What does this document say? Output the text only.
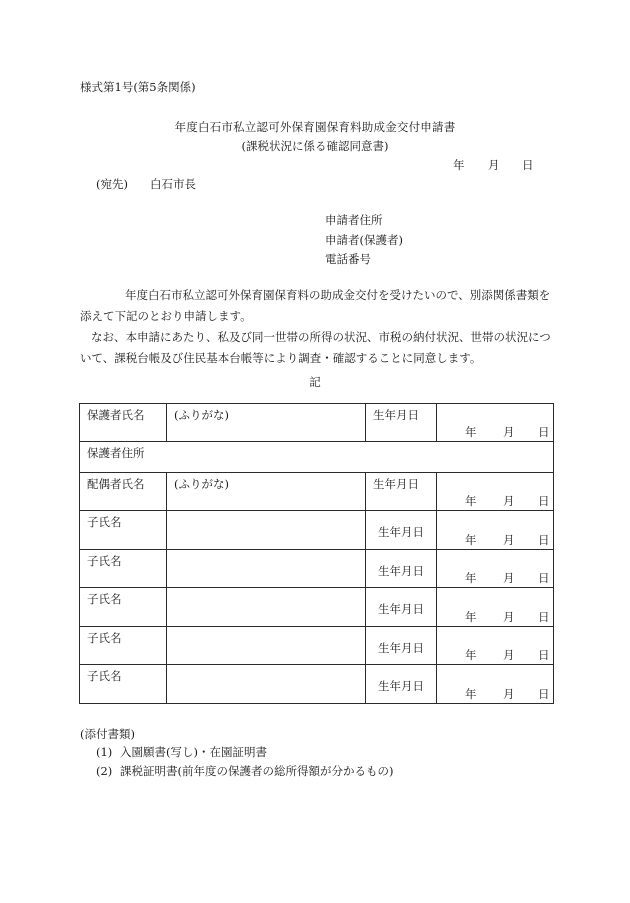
様式第1号(第5条関係)
年度白石市私立認可外保育園保育料助成金交付申請書
(課税状況に係る確認同意書)
年 月 日
(宛先) 白石市長
申請者住所
申請者(保護者)
電話番号
年度白石市私立認可外保育園保育料の助成金交付を受けたいので、別添関係書類を添えて下記のとおり申請します。
なお、本申請にあたり、私及び同一世帯の所得の状況、市税の納付状況、世帯の状況について、課税台帳及び住民基本台帳等により調査・確認することに同意します。
記
保護者氏名	(ふりがな)	生年月日	年 月 日

保護者住所			

配偶者氏名	(ふりがな)	生年月日	年 月 日

子氏名		生年月日	年 月 日

子氏名		生年月日	年 月 日

子氏名		生年月日	年 月 日

子氏名		生年月日	年 月 日

子氏名		生年月日	年 月 日
(添付書類)
(1) 入園願書(写し)・在園証明書
(2) 課税証明書(前年度の保護者の総所得額が分かるもの)
